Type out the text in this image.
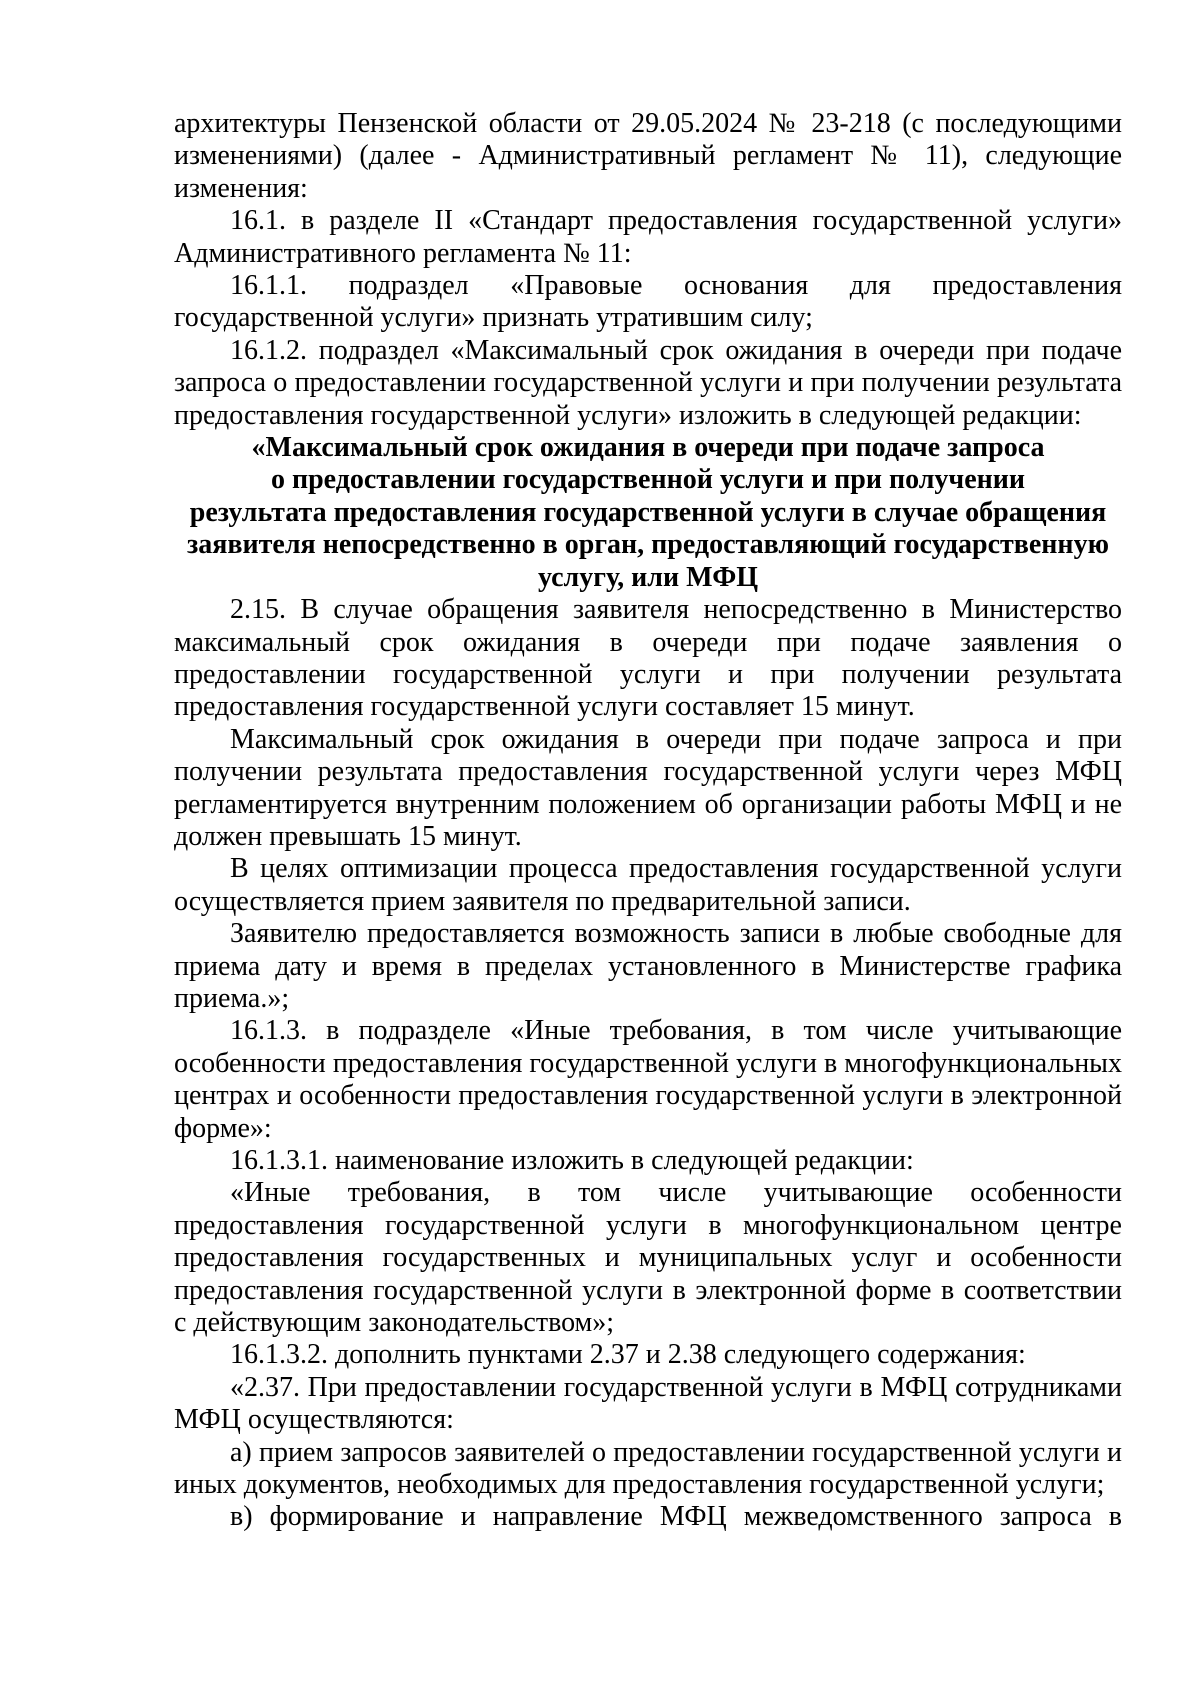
архитектуры Пензенской области от 29.05.2024 № 23-218 (с последующими изменениями) (далее - Административный регламент № 11), следующие изменения:

16.1. в разделе II «Стандарт предоставления государственной услуги» Административного регламента № 11:

16.1.1. подраздел «Правовые основания для предоставления государственной услуги» признать утратившим силу;

16.1.2. подраздел «Максимальный срок ожидания в очереди при подаче запроса о предоставлении государственной услуги и при получении результата предоставления государственной услуги» изложить в следующей редакции:

«Максимальный срок ожидания в очереди при подаче запроса
о предоставлении государственной услуги и при получении
результата предоставления государственной услуги в случае обращения
заявителя непосредственно в орган, предоставляющий государственную
услугу, или МФЦ

2.15. В случае обращения заявителя непосредственно в Министерство максимальный срок ожидания в очереди при подаче заявления о предоставлении государственной услуги и при получении результата предоставления государственной услуги составляет 15 минут.

Максимальный срок ожидания в очереди при подаче запроса и при получении результата предоставления государственной услуги через МФЦ регламентируется внутренним положением об организации работы МФЦ и не должен превышать 15 минут.

В целях оптимизации процесса предоставления государственной услуги осуществляется прием заявителя по предварительной записи.

Заявителю предоставляется возможность записи в любые свободные для приема дату и время в пределах установленного в Министерстве графика приема.»;

16.1.3. в подразделе «Иные требования, в том числе учитывающие особенности предоставления государственной услуги в многофункциональных центрах и особенности предоставления государственной услуги в электронной форме»:

16.1.3.1. наименование изложить в следующей редакции:

«Иные требования, в том числе учитывающие особенности предоставления государственной услуги в многофункциональном центре предоставления государственных и муниципальных услуг и особенности предоставления государственной услуги в электронной форме в соответствии с действующим законодательством»;

16.1.3.2. дополнить пунктами 2.37 и 2.38 следующего содержания:

«2.37. При предоставлении государственной услуги в МФЦ сотрудниками МФЦ осуществляются:

а) прием запросов заявителей о предоставлении государственной услуги и иных документов, необходимых для предоставления государственной услуги;

в) формирование и направление МФЦ межведомственного запроса в
